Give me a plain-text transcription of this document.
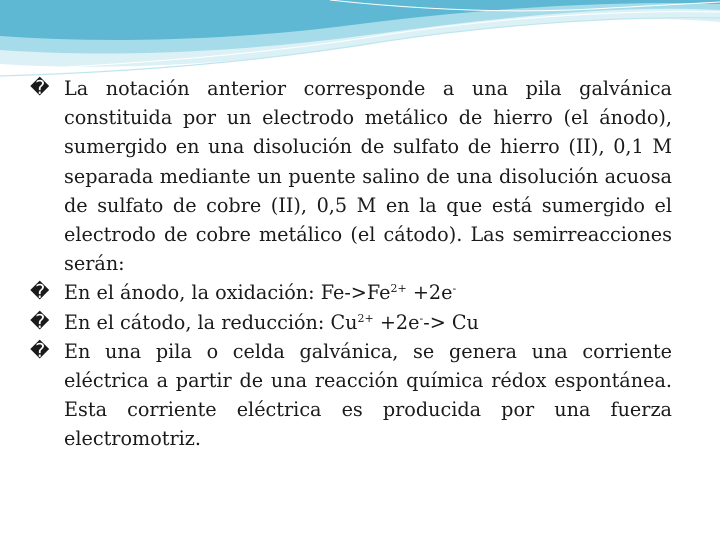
� La notación anterior corresponde a una pila galvánica constituida por un electrodo metálico de hierro (el ánodo), sumergido en una disolución de sulfato de hierro (II), 0,1 M separada mediante un puente salino de una disolución acuosa de sulfato de cobre (II), 0,5 M en la que está sumergido el electrodo de cobre metálico (el cátodo). Las semirreacciones serán:

� En el ánodo, la oxidación: $Fe->Fe^{2+} +2e^-$

� En el cátodo, la reducción: $Cu^{2+} +2e^--> Cu$

� En una pila o celda galvánica, se genera una corriente eléctrica a partir de una reacción química rédox espontánea. Esta corriente eléctrica es producida por una fuerza electromotriz.
